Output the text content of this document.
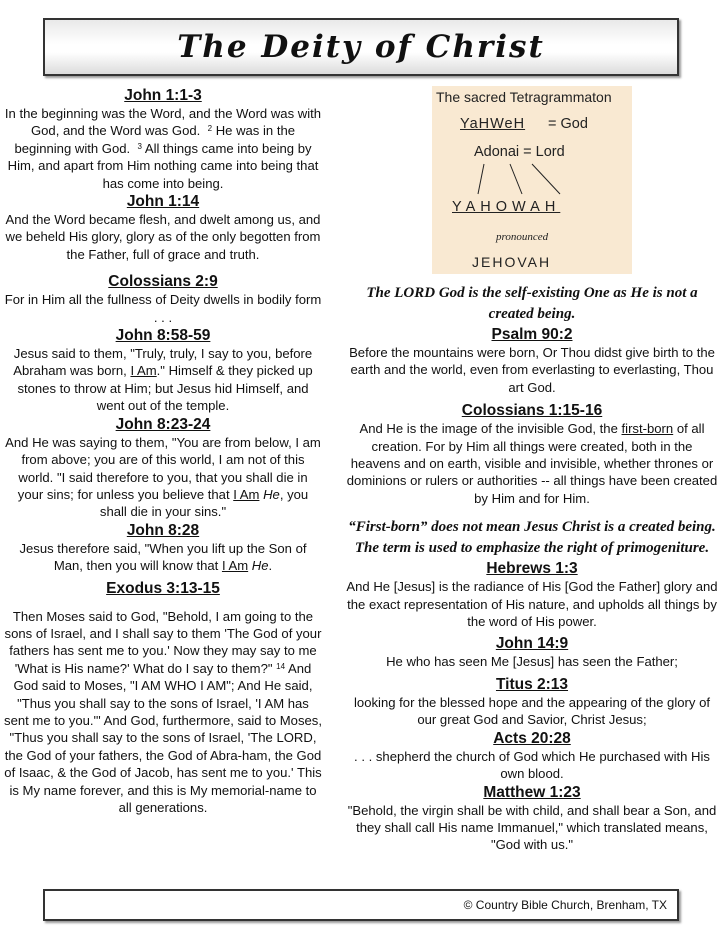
The Deity of Christ

John 1:1-3

In the beginning was the Word, and the Word was with God, and the Word was God. $^2$ He was in the beginning with God. $^3$ All things came into being by Him, and apart from Him nothing came into being that has come into being.

John 1:14

And the Word became flesh, and dwelt among us, and we beheld His glory, glory as of the only begotten from the Father, full of grace and truth.

Colossians 2:9

For in Him all the fullness of Deity dwells in bodily form . . .

John 8:58-59

Jesus said to them, "Truly, truly, I say to you, before Abraham was born, I Am." Himself & they picked up stones to throw at Him; but Jesus hid Himself, and went out of the temple.

John 8:23-24

And He was saying to them, "You are from below, I am from above; you are of this world, I am not of this world. "I said therefore to you, that you shall die in your sins; for unless you believe that I Am He, you shall die in your sins."

John 8:28

Jesus therefore said, "When you lift up the Son of Man, then you will know that I Am He.

Exodus 3:13-15

Then Moses said to God, "Behold, I am going to the sons of Israel, and I shall say to them 'The God of your fathers has sent me to you.' Now they may say to me 'What is His name?' What do I say to them?" $^{14}$ And God said to Moses, "I AM WHO I AM"; And He said, "Thus you shall say to the sons of Israel, 'I AM has sent me to you.'" And God, furthermore, said to Moses, "Thus you shall say to the sons of Israel, 'The LORD, the God of your fathers, the God of Abra-ham, the God of Isaac, & the God of Jacob, has sent me to you.' This is My name forever, and this is My memorial-name to all generations.

The sacred Tetragrammaton
YaHWeH = God
Adonai = Lord
YAHOWAH
pronounced
JEHOVAH

The LORD God is the self-existing One as He is not a created being.

Psalm 90:2

Before the mountains were born, Or Thou didst give birth to the earth and the world, even from everlasting to everlasting, Thou art God.

Colossians 1:15-16

And He is the image of the invisible God, the first-born of all creation. For by Him all things were created, both in the heavens and on earth, visible and invisible, whether thrones or dominions or rulers or authorities -- all things have been created by Him and for Him.

“First-born” does not mean Jesus Christ is a created being. The term is used to emphasize the right of primogeniture.

Hebrews 1:3

And He [Jesus] is the radiance of His [God the Father] glory and the exact representation of His nature, and upholds all things by the word of His power.

John 14:9

He who has seen Me [Jesus] has seen the Father;

Titus 2:13

looking for the blessed hope and the appearing of the glory of our great God and Savior, Christ Jesus;

Acts 20:28

. . . shepherd the church of God which He purchased with His own blood.

Matthew 1:23

"Behold, the virgin shall be with child, and shall bear a Son, and they shall call His name Immanuel," which translated means, "God with us."

© Country Bible Church, Brenham, TX
